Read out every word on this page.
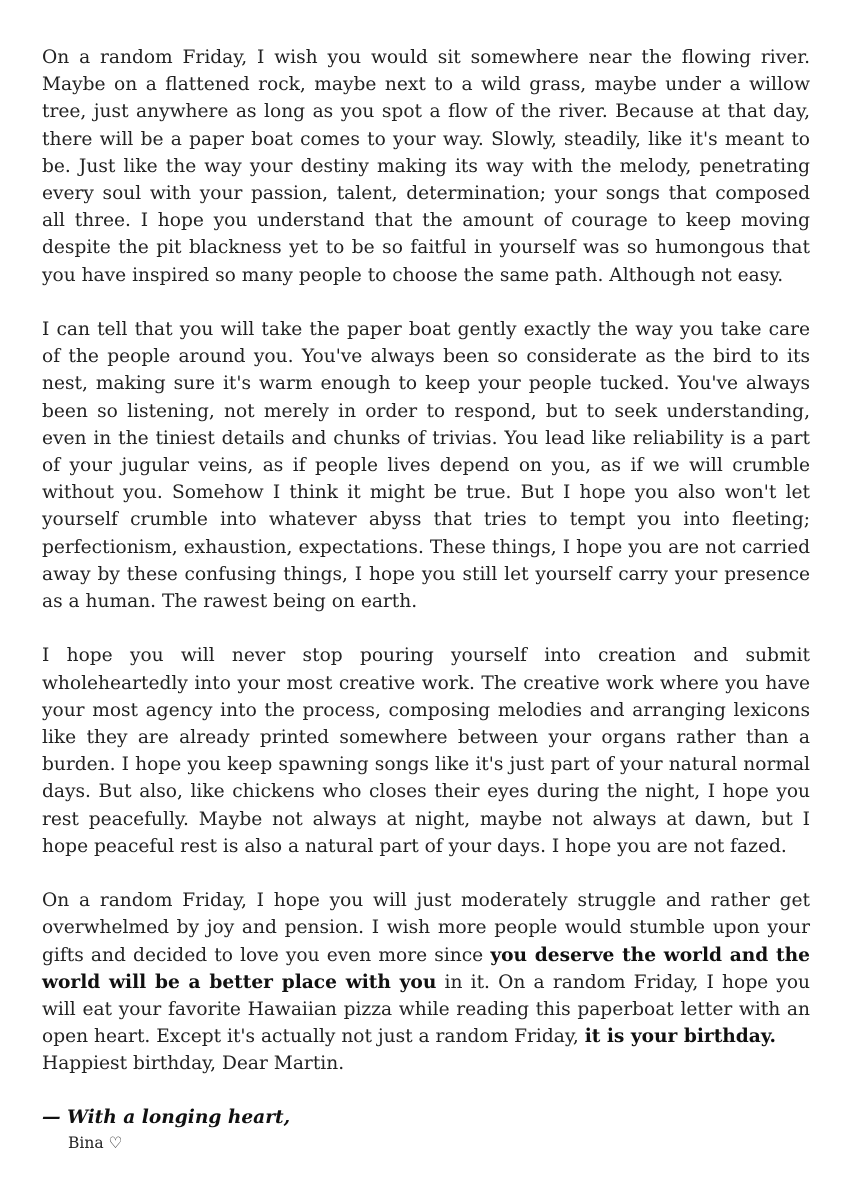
On a random Friday, I wish you would sit somewhere near the flowing river. Maybe on a flattened rock, maybe next to a wild grass, maybe under a willow tree, just anywhere as long as you spot a flow of the river. Because at that day, there will be a paper boat comes to your way. Slowly, steadily, like it's meant to be. Just like the way your destiny making its way with the melody, penetrating every soul with your passion, talent, determination; your songs that composed all three. I hope you understand that the amount of courage to keep moving despite the pit blackness yet to be so faitful in yourself was so humongous that you have inspired so many people to choose the same path. Although not easy.

I can tell that you will take the paper boat gently exactly the way you take care of the people around you. You've always been so considerate as the bird to its nest, making sure it's warm enough to keep your people tucked. You've always been so listening, not merely in order to respond, but to seek understanding, even in the tiniest details and chunks of trivias. You lead like reliability is a part of your jugular veins, as if people lives depend on you, as if we will crumble without you. Somehow I think it might be true. But I hope you also won't let yourself crumble into whatever abyss that tries to tempt you into fleeting; perfectionism, exhaustion, expectations. These things, I hope you are not carried away by these confusing things, I hope you still let yourself carry your presence as a human. The rawest being on earth.

I hope you will never stop pouring yourself into creation and submit wholeheartedly into your most creative work. The creative work where you have your most agency into the process, composing melodies and arranging lexicons like they are already printed somewhere between your organs rather than a burden. I hope you keep spawning songs like it's just part of your natural normal days. But also, like chickens who closes their eyes during the night, I hope you rest peacefully. Maybe not always at night, maybe not always at dawn, but I hope peaceful rest is also a natural part of your days. I hope you are not fazed.

On a random Friday, I hope you will just moderately struggle and rather get overwhelmed by joy and pension. I wish more people would stumble upon your gifts and decided to love you even more since you deserve the world and the world will be a better place with you in it. On a random Friday, I hope you will eat your favorite Hawaiian pizza while reading this paperboat letter with an open heart. Except it's actually not just a random Friday, it is your birthday.

Happiest birthday, Dear Martin.
— With a longing heart,
Bina ♡
